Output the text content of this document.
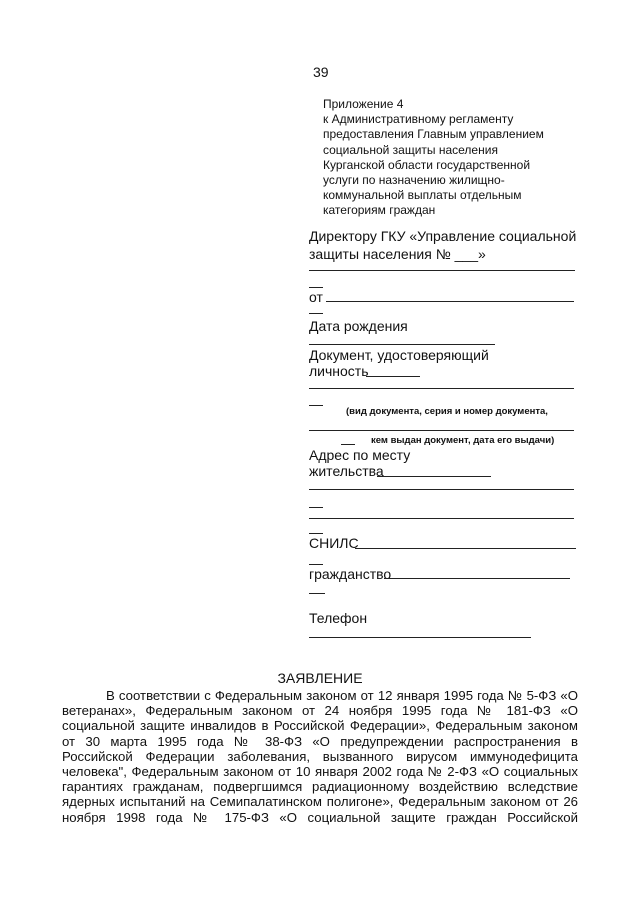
39
Приложение 4
к Административному регламенту
предоставления Главным управлением
социальной защиты населения
Курганской области государственной
услуги по назначению жилищно-
коммунальной выплаты отдельным
категориям граждан
Директору ГКУ «Управление социальной
защиты населения № ___»
от
Дата рождения
Документ, удостоверяющий
личность
(вид документа, серия и номер документа,
кем выдан документ, дата его выдачи)
Адрес по месту
жительства
СНИЛС
гражданство
Телефон
ЗАЯВЛЕНИЕ

В соответствии с Федеральным законом от 12 января 1995 года № 5-ФЗ «О ветеранах», Федеральным законом от 24 ноября 1995 года № 181-ФЗ «О социальной защите инвалидов в Российской Федерации», Федеральным законом от 30 марта 1995 года № 38-ФЗ «О предупреждении распространения в Российской Федерации заболевания, вызванного вирусом иммунодефицита человека", Федеральным законом от 10 января 2002 года № 2-ФЗ «О социальных гарантиях гражданам, подвергшимся радиационному воздействию вследствие ядерных испытаний на Семипалатинском полигоне», Федеральным законом от 26 ноября 1998 года № 175-ФЗ «О социальной защите граждан Российской
